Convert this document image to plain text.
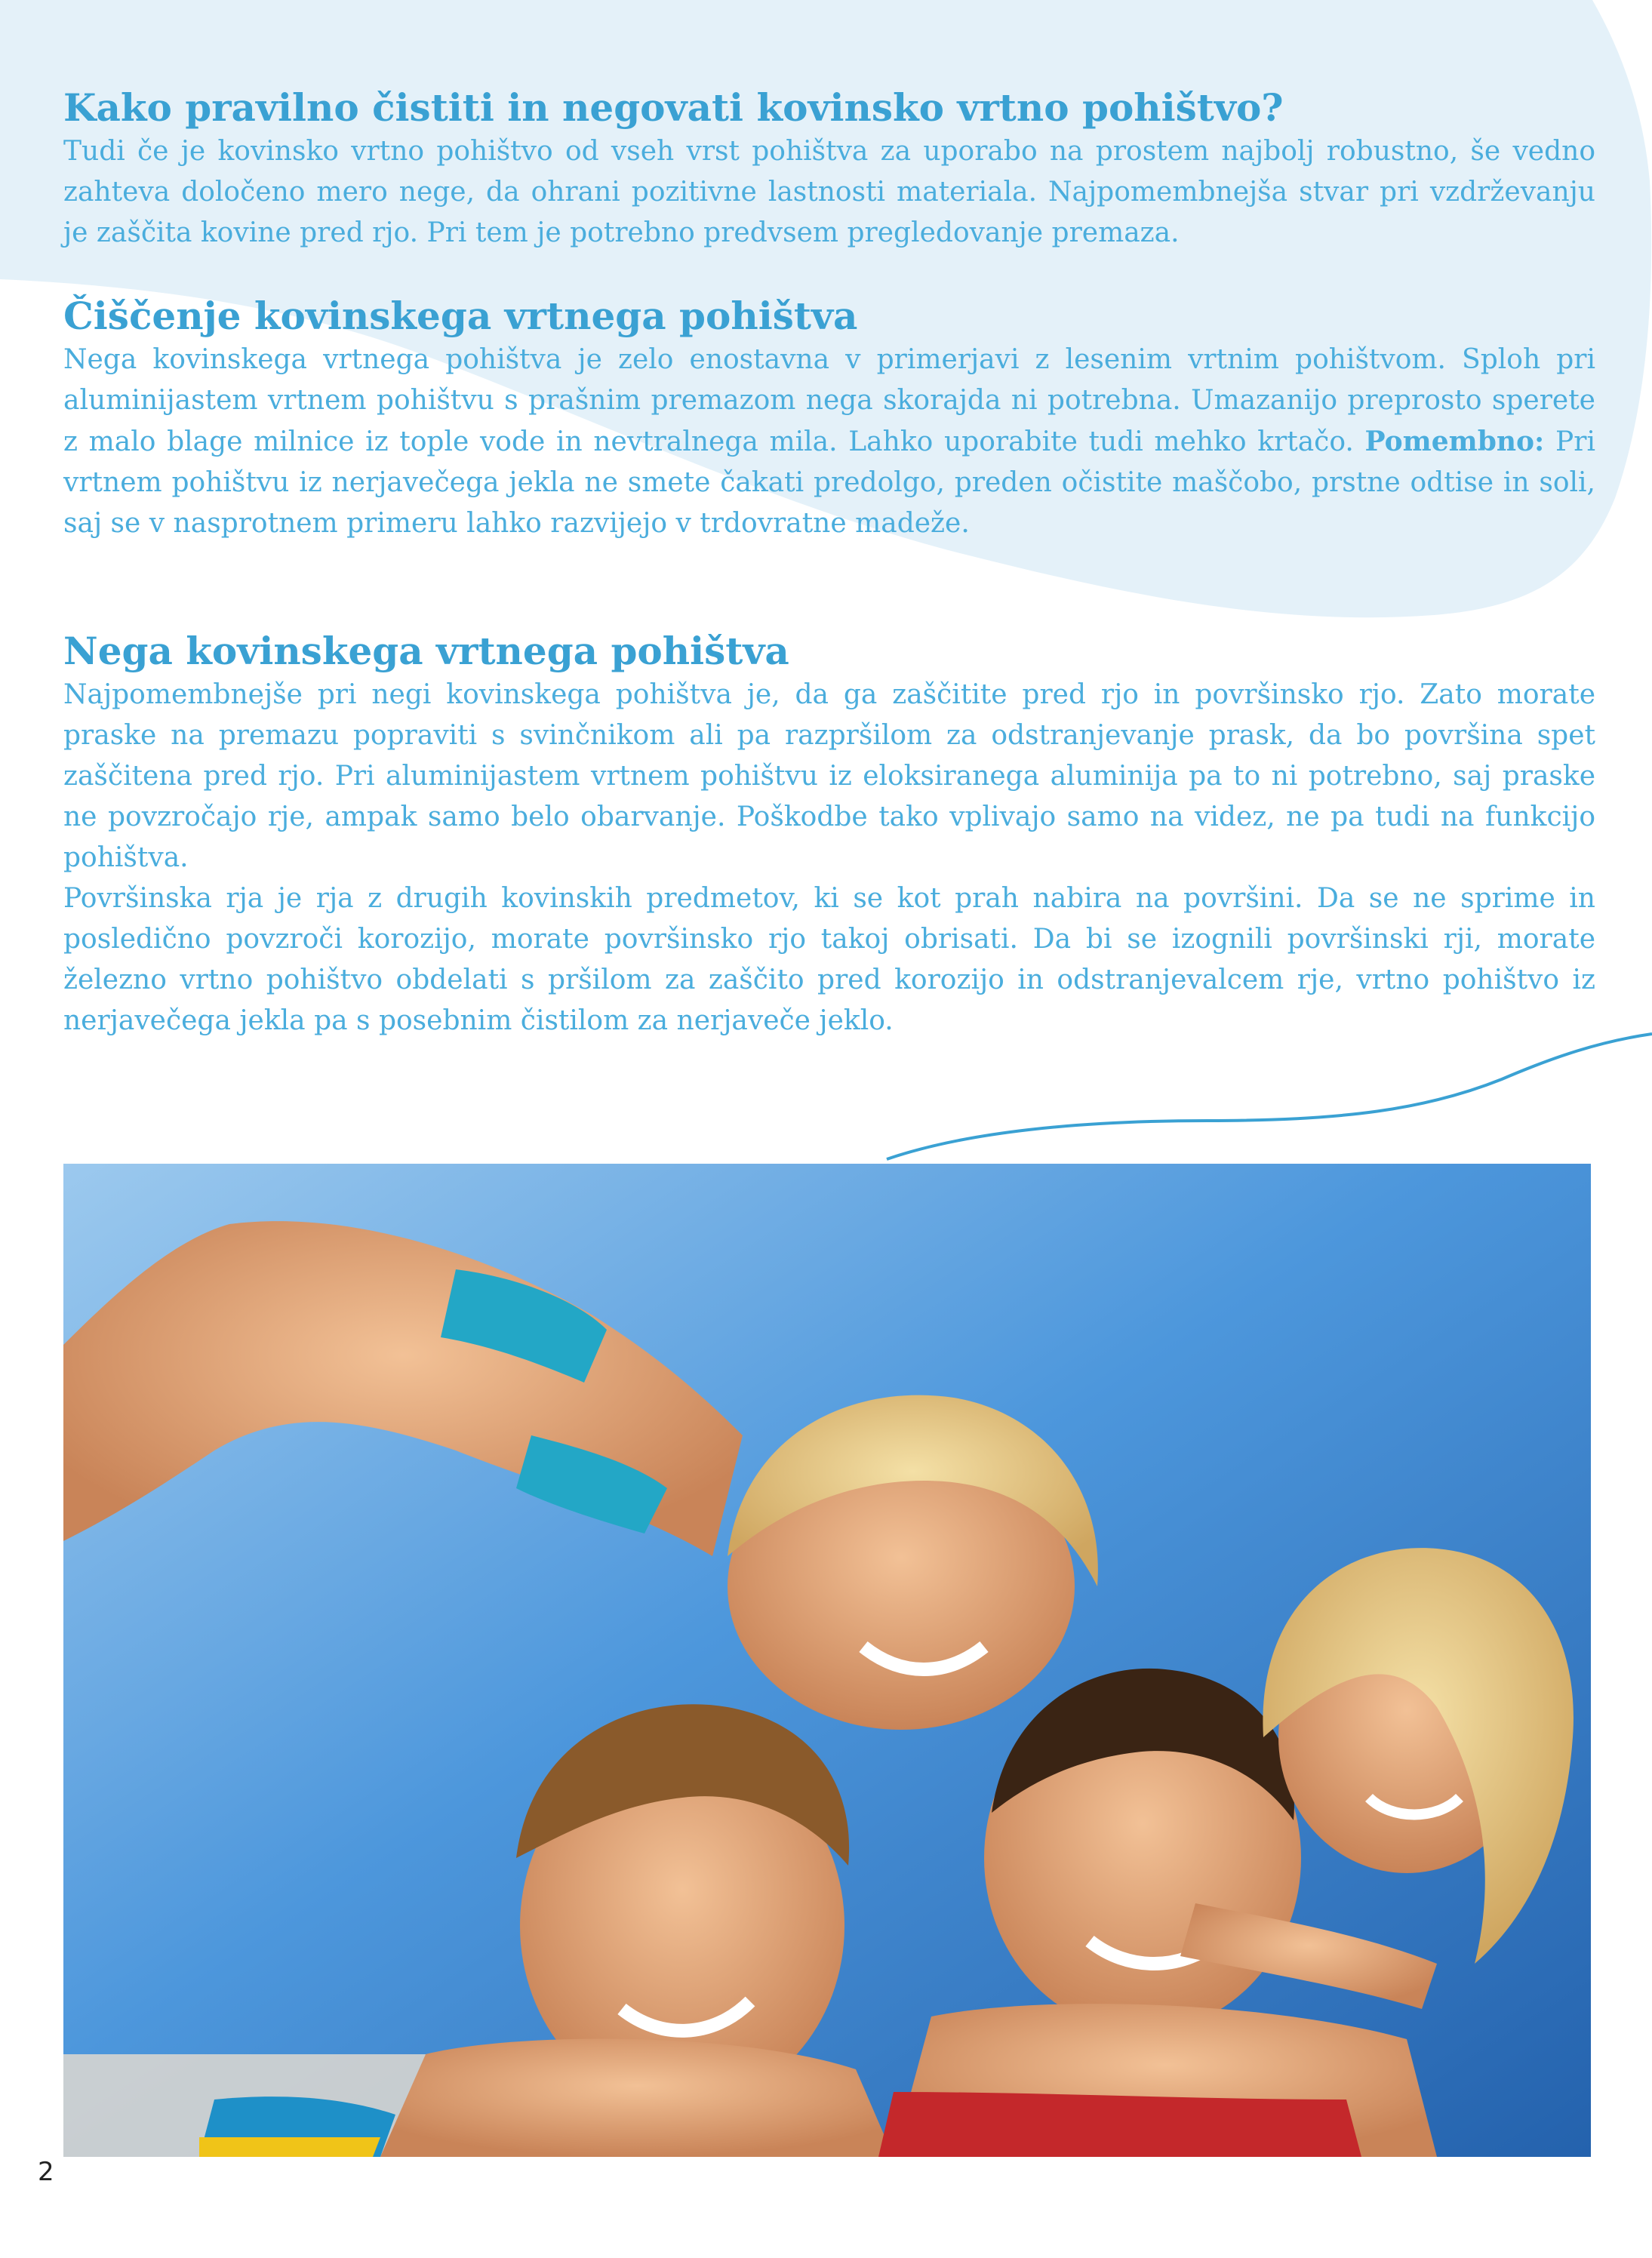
Kako pravilno čistiti in negovati kovinsko vrtno pohištvo?

Tudi če je kovinsko vrtno pohištvo od vseh vrst pohištva za uporabo na prostem najbolj robustno, še vedno zahteva določeno mero nege, da ohrani pozitivne lastnosti materiala. Najpomembnejša stvar pri vzdrževanju je zaščita kovine pred rjo. Pri tem je potrebno predvsem pregledovanje premaza.

Čiščenje kovinskega vrtnega pohištva

Nega kovinskega vrtnega pohištva je zelo enostavna v primerjavi z lesenim vrtnim pohištvom. Sploh pri aluminijastem vrtnem pohištvu s prašnim premazom nega skorajda ni potrebna. Umazanijo preprosto sperete z malo blage milnice iz tople vode in nevtralnega mila. Lahko uporabite tudi mehko krtačo. Pomembno: Pri vrtnem pohištvu iz nerjavečega jekla ne smete čakati predolgo, preden očistite maščobo, prstne odtise in soli, saj se v nasprotnem primeru lahko razvijejo v trdovratne madeže.

Nega kovinskega vrtnega pohištva

Najpomembnejše pri negi kovinskega pohištva je, da ga zaščitite pred rjo in površinsko rjo. Zato morate praske na premazu popraviti s svinčnikom ali pa razpršilom za odstranjevanje prask, da bo površina spet zaščitena pred rjo. Pri aluminijastem vrtnem pohištvu iz eloksiranega aluminija pa to ni potrebno, saj praske ne povzročajo rje, ampak samo belo obarvanje. Poškodbe tako vplivajo samo na videz, ne pa tudi na funkcijo pohištva.

Površinska rja je rja z drugih kovinskih predmetov, ki se kot prah nabira na površini. Da se ne sprime in posledično povzroči korozijo, morate površinsko rjo takoj obrisati. Da bi se izognili površinski rji, morate železno vrtno pohištvo obdelati s pršilom za zaščito pred korozijo in odstranjevalcem rje, vrtno pohištvo iz nerjavečega jekla pa s posebnim čistilom za nerjaveče jeklo.

2
